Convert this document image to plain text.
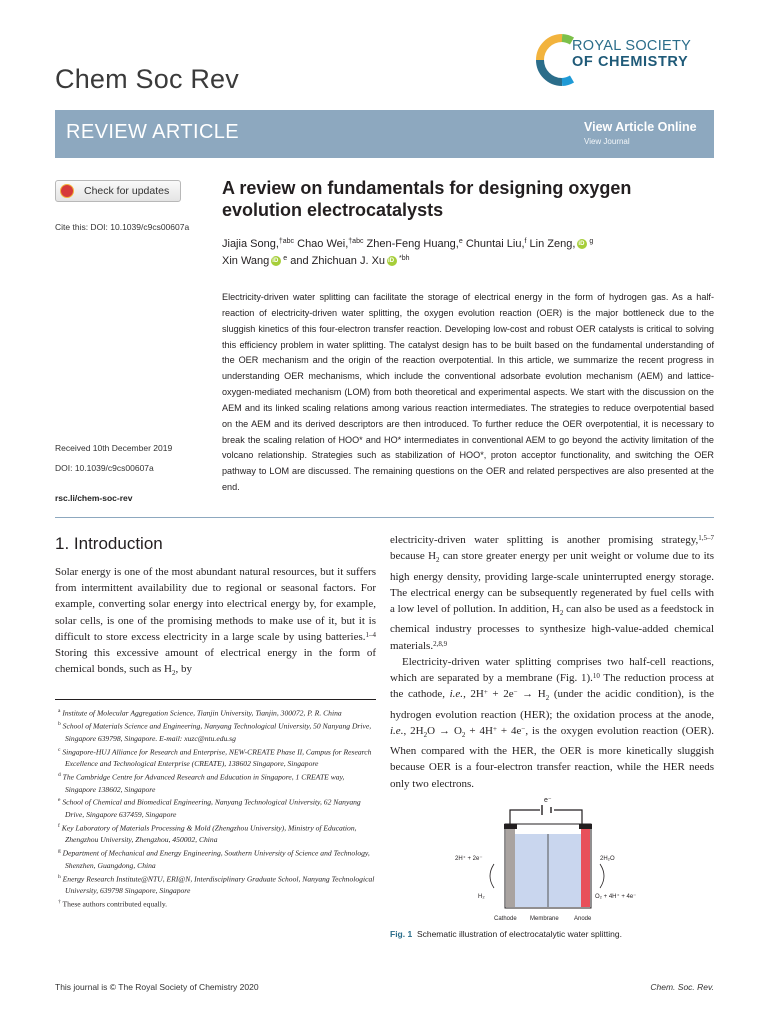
Chem Soc Rev
ROYAL SOCIETY
OF CHEMISTRY
REVIEW ARTICLE	View Article Online
View Journal
Check for updates
Cite this: DOI: 10.1039/c9cs00607a
A review on fundamentals for designing oxygen evolution electrocatalysts
Jiajia Song,$^{\dagger abc}$ Chao Wei,$^{\dagger abc}$ Zhen-Feng Huang,$^e$ Chuntai Liu,$^f$ Lin Zeng, iD $^g$
Xin Wang iD $^e$ and Zhichuan J. Xu iD $^{*bh}$
Electricity-driven water splitting can facilitate the storage of electrical energy in the form of hydrogen gas. As a half-reaction of electricity-driven water splitting, the oxygen evolution reaction (OER) is the major bottleneck due to the sluggish kinetics of this four-electron transfer reaction. Developing low-cost and robust OER catalysts is critical to solving this efficiency problem in water splitting. The catalyst design has to be built based on the fundamental understanding of the OER mechanism and the origin of the reaction overpotential. In this article, we summarize the recent progress in understanding OER mechanisms, which include the conventional adsorbate evolution mechanism (AEM) and lattice-oxygen-mediated mechanism (LOM) from both theoretical and experimental aspects. We start with the discussion on the AEM and its linked scaling relations among various reaction intermediates. The strategies to reduce overpotential based on the AEM and its derived descriptors are then introduced. To further reduce the OER overpotential, it is necessary to break the scaling relation of HOO* and HO* intermediates in conventional AEM to go beyond the activity limitation of the volcano relationship. Strategies such as stabilization of HOO*, proton acceptor functionality, and switching the OER pathway to LOM are discussed. The remaining questions on the OER and related perspectives are also presented at the end.
Received 10th December 2019
DOI: 10.1039/c9cs00607a
rsc.li/chem-soc-rev
1. Introduction
Solar energy is one of the most abundant natural resources, but it suffers from intermittent availability due to regional or seasonal factors. For example, converting solar energy into electrical energy by, for example, solar cells, is one of the promising methods to make use of it, but it is difficult to store excess electricity in a large scale by using batteries.$^{1-4}$ Storing this excessive amount of electrical energy in the form of chemical bonds, such as $H_2$, by
electricity-driven water splitting is another promising strategy,$^{1,5-7}$ because $H_2$ can store greater energy per unit weight or volume due to its high energy density, providing large-scale uninterrupted energy storage. The electrical energy can be subsequently regenerated by fuel cells with a low level of pollution. In addition, $H_2$ can also be used as a feedstock in chemical industry processes to synthesize high-value-added chemical materials.$^{2,8,9}$
Electricity-driven water splitting comprises two half-cell reactions, which are separated by a membrane (Fig. 1).$^{10}$ The reduction process at the cathode, i.e., $2H^+ + 2e^- \to H_2$ (under the acidic condition), is the hydrogen evolution reaction (HER); the oxidation process at the anode, i.e., $2H_2O \to O_2 + 4H^+ + 4e^-$, is the oxygen evolution reaction (OER). When compared with the HER, the OER is more kinetically sluggish because OER is a four-electron transfer reaction, while the HER needs only two electrons.

$^a$ Institute of Molecular Aggregation Science, Tianjin University, Tianjin, 300072, P. R. China

$^b$ School of Materials Science and Engineering, Nanyang Technological University, 50 Nanyang Drive, Singapore 639798, Singapore. E-mail: xuzc@ntu.edu.sg

$^c$ Singapore-HUJ Alliance for Research and Enterprise, NEW-CREATE Phase II, Campus for Research Excellence and Technological Enterprise (CREATE), 138602 Singapore, Singapore

$^d$ The Cambridge Centre for Advanced Research and Education in Singapore, 1 CREATE way, Singapore 138602, Singapore

$^e$ School of Chemical and Biomedical Engineering, Nanyang Technological University, 62 Nanyang Drive, Singapore 637459, Singapore

$^f$ Key Laboratory of Materials Processing & Mold (Zhengzhou University), Ministry of Education, Zhengzhou University, Zhengzhou, 450002, China

$^g$ Department of Mechanical and Energy Engineering, Southern University of Science and Technology, Shenzhen, Guangdong, China

$^h$ Energy Research Institute@NTU, ERI@N, Interdisciplinary Graduate School, Nanyang Technological University, 639798 Singapore, Singapore

† These authors contributed equally.

e⁻
2H⁺ + 2e⁻
H₂
2H₂O
O₂ + 4H⁺ + 4e⁻
Cathode Membrane	Anode
Fig. 1 Schematic illustration of electrocatalytic water splitting.
This journal is © The Royal Society of Chemistry 2020	Chem. Soc. Rev.
